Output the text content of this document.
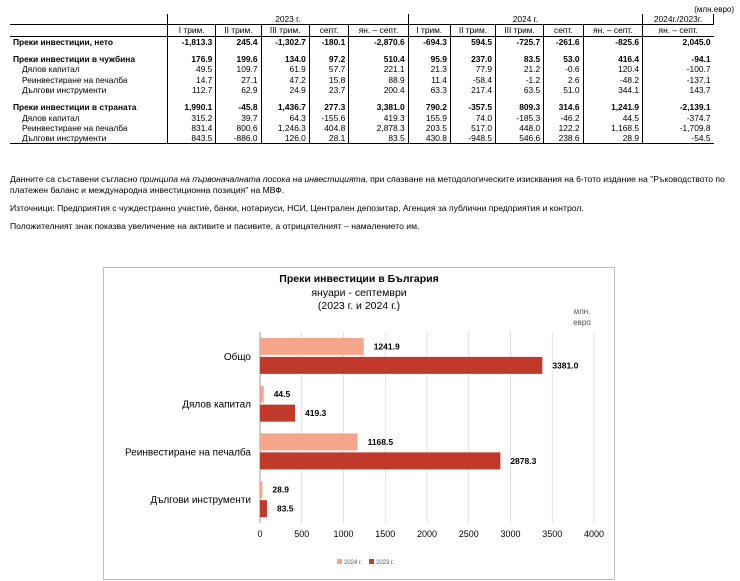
(млн.евро)
	2023 г.					2024 г.					2024г./2023г.
	I трим.	II трим.	III трим.	септ.	ян. – септ.	I трим.	II трим.	III трим.	септ.	ян. – септ.	ян. – септ.
Преки инвестиции, нето	-1,813.3	245.4	-1,302.7	-180.1	-2,870.6	-694.3	594.5	-725.7	-261.6	-825.6	2,045.0

Преки инвестиции в чужбина	176.9	199.6	134.0	97.2	510.4	95.9	237.0	83.5	53.0	416.4	-94.1
Дялов капитал	49.5	109.7	61.9	57.7	221.1	21.3	77.9	21.2	-0.6	120.4	-100.7
Реинвестиране на печалба	14.7	27.1	47.2	15.8	88.9	11.4	-58.4	-1.2	2.6	-48.2	-137.1
Дългови инструменти	112.7	62.9	24.9	23.7	200.4	63.3	217.4	63.5	51.0	344.1	143.7

Преки инвестиции в страната	1,990.1	-45.8	1,436.7	277.3	3,381.0	790.2	-357.5	809.3	314.6	1,241.9	-2,139.1
Дялов капитал	315.2	39.7	64.3	-155.6	419.3	155.9	74.0	-185.3	-46.2	44.5	-374.7
Реинвестиране на печалба	831.4	800.6	1,246.3	404.8	2,878.3	203.5	517.0	448.0	122.2	1,168.5	-1,709.8
Дългови инструменти	843.5	-886.0	126.0	28.1	83.5	430.8	-948.5	546.6	238.6	28.9	-54.5

Данните са съставени съгласно принципа на първоначалната посока на инвестицията, при спазване на методологическите изисквания на 6-тото издание на "Ръководството по платежен баланс и международна инвестиционна позиция" на МВФ.

Източници: Предприятия с чуждестранно участие, банки, нотариуси, НСИ, Централен депозитар, Агенция за публични предприятия и контрол.

Положителният знак показва увеличение на активите и пасивите, а отрицателният – намалението им.

Преки инвестиции в България
януари - септември
(2023 г. и 2024 г.)	млн.
евро
0	500	1000 1500 2000 2500 3000 3500 4000
Общо
1241.9
3381.0
Дялов капитал
44.5
419.3
Реинвестиране на печалба
1168.5
2878.3
Дългови инструменти
28.9
83.5
2024 г. 2023 г.
